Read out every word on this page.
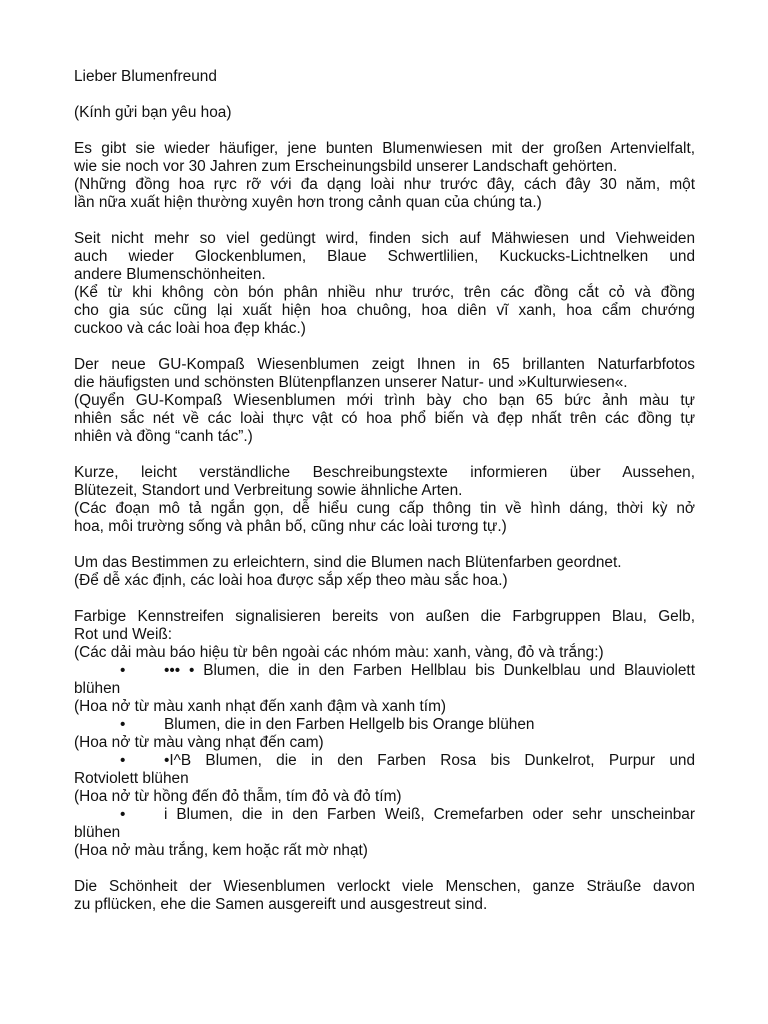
Lieber Blumenfreund
(Kính gửi bạn yêu hoa)
Es gibt sie wieder häufiger, jene bunten Blumenwiesen mit der großen Artenvielfalt,
wie sie noch vor 30 Jahren zum Erscheinungsbild unserer Landschaft gehörten.
(Những đồng hoa rực rỡ với đa dạng loài như trước đây, cách đây 30 năm, một
lần nữa xuất hiện thường xuyên hơn trong cảnh quan của chúng ta.)
Seit nicht mehr so viel gedüngt wird, finden sich auf Mähwiesen und Viehweiden
auch wieder Glockenblumen, Blaue Schwertlilien, Kuckucks-Lichtnelken und
andere Blumenschönheiten.
(Kể từ khi không còn bón phân nhiều như trước, trên các đồng cắt cỏ và đồng
cho gia súc cũng lại xuất hiện hoa chuông, hoa diên vĩ xanh, hoa cẩm chướng
cuckoo và các loài hoa đẹp khác.)
Der neue GU-Kompaß Wiesenblumen zeigt Ihnen in 65 brillanten Naturfarbfotos
die häufigsten und schönsten Blütenpflanzen unserer Natur- und »Kulturwiesen«.
(Quyển GU-Kompaß Wiesenblumen mới trình bày cho bạn 65 bức ảnh màu tự
nhiên sắc nét về các loài thực vật có hoa phổ biến và đẹp nhất trên các đồng tự
nhiên và đồng “canh tác”.)
Kurze, leicht verständliche Beschreibungstexte informieren über Aussehen,
Blütezeit, Standort und Verbreitung sowie ähnliche Arten.
(Các đoạn mô tả ngắn gọn, dễ hiểu cung cấp thông tin về hình dáng, thời kỳ nở
hoa, môi trường sống và phân bố, cũng như các loài tương tự.)
Um das Bestimmen zu erleichtern, sind die Blumen nach Blütenfarben geordnet.
(Để dễ xác định, các loài hoa được sắp xếp theo màu sắc hoa.)
Farbige Kennstreifen signalisieren bereits von außen die Farbgruppen Blau, Gelb,
Rot und Weiß:
(Các dải màu báo hiệu từ bên ngoài các nhóm màu: xanh, vàng, đỏ và trắng:)
•	••• • Blumen, die in den Farben Hellblau bis Dunkelblau und Blauviolett
blühen
(Hoa nở từ màu xanh nhạt đến xanh đậm và xanh tím)
•	Blumen, die in den Farben Hellgelb bis Orange blühen
(Hoa nở từ màu vàng nhạt đến cam)
•	•I^B Blumen, die in den Farben Rosa bis Dunkelrot, Purpur und
Rotviolett blühen
(Hoa nở từ hồng đến đỏ thẫm, tím đỏ và đỏ tím)
•	i Blumen, die in den Farben Weiß, Cremefarben oder sehr unscheinbar
blühen
(Hoa nở màu trắng, kem hoặc rất mờ nhạt)
Die Schönheit der Wiesenblumen verlockt viele Menschen, ganze Sträuße davon
zu pflücken, ehe die Samen ausgereift und ausgestreut sind.
